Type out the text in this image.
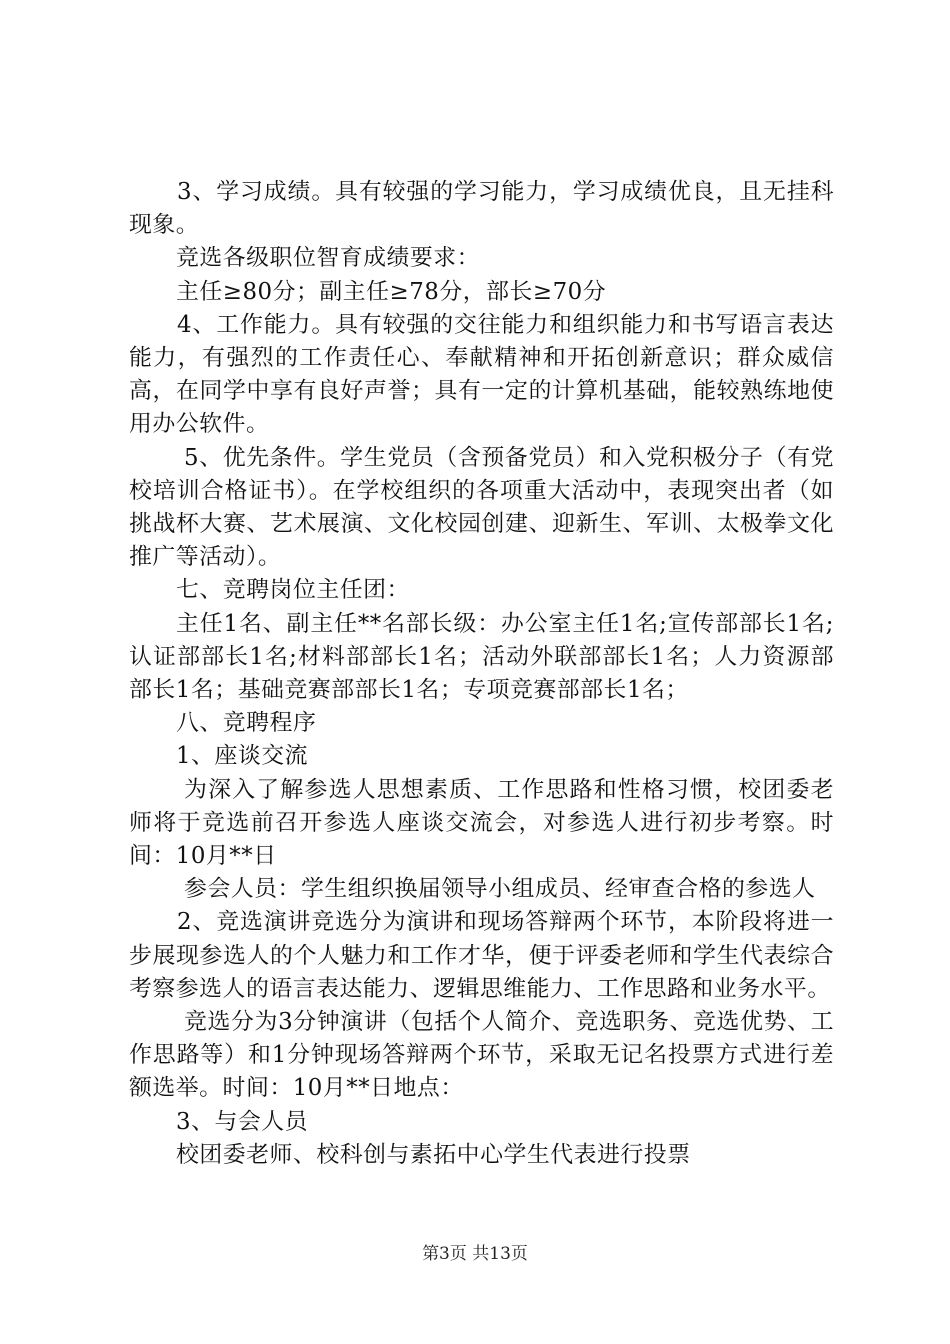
3、学习成绩。具有较强的学习能力，学习成绩优良，且无挂科现象。

竞选各级职位智育成绩要求：

主任≥80分；副主任≥78分，部长≥70分

4、工作能力。具有较强的交往能力和组织能力和书写语言表达能力，有强烈的工作责任心、奉献精神和开拓创新意识；群众威信高，在同学中享有良好声誉；具有一定的计算机基础，能较熟练地使用办公软件。

5、优先条件。学生党员（含预备党员）和入党积极分子（有党校培训合格证书）。在学校组织的各项重大活动中，表现突出者（如挑战杯大赛、艺术展演、文化校园创建、迎新生、军训、太极拳文化推广等活动）。

七、竞聘岗位主任团：

主任1名、副主任**名部长级：办公室主任1名;宣传部部长1名;认证部部长1名;材料部部长1名；活动外联部部长1名；人力资源部部长1名；基础竞赛部部长1名；专项竞赛部部长1名；

八、竞聘程序

1、座谈交流

为深入了解参选人思想素质、工作思路和性格习惯，校团委老师将于竞选前召开参选人座谈交流会，对参选人进行初步考察。时间：10月**日

参会人员：学生组织换届领导小组成员、经审查合格的参选人

2、竞选演讲竞选分为演讲和现场答辩两个环节，本阶段将进一步展现参选人的个人魅力和工作才华，便于评委老师和学生代表综合考察参选人的语言表达能力、逻辑思维能力、工作思路和业务水平。

竞选分为3分钟演讲（包括个人简介、竞选职务、竞选优势、工作思路等）和1分钟现场答辩两个环节，采取无记名投票方式进行差额选举。时间：10月**日地点：

3、与会人员

校团委老师、校科创与素拓中心学生代表进行投票

第3页 共13页
